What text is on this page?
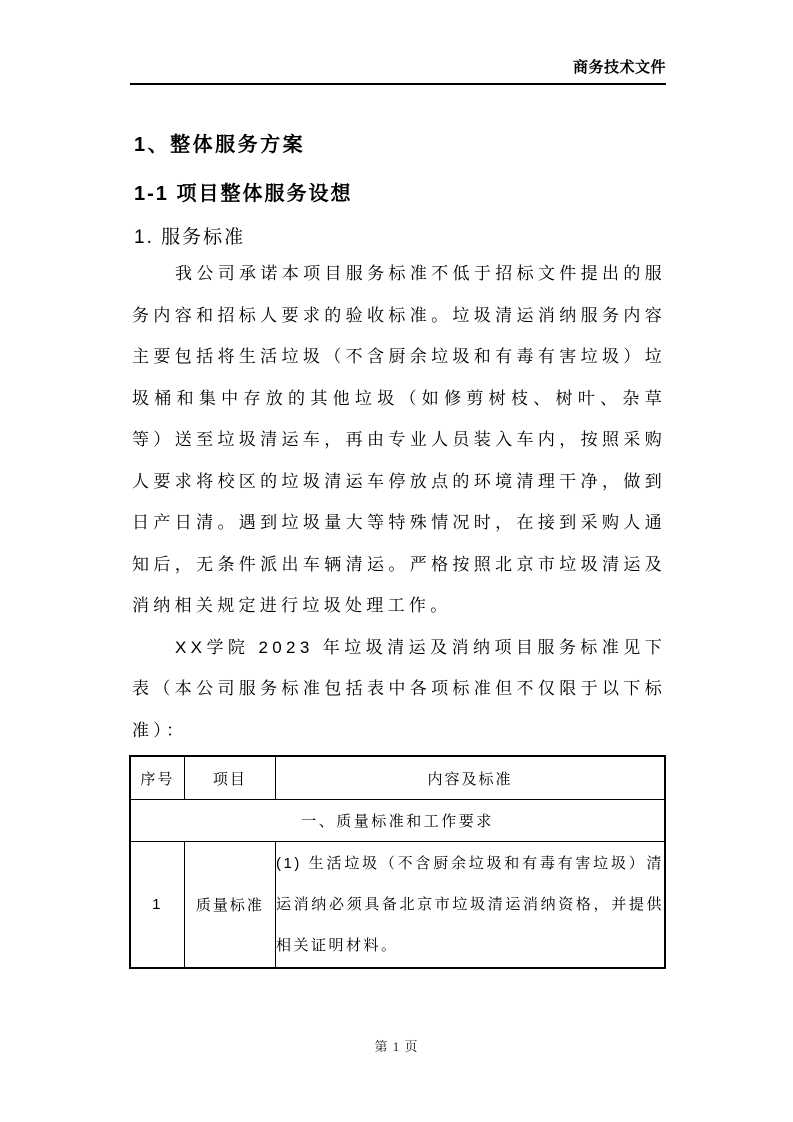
商务技术文件
1、整体服务方案
1-1 项目整体服务设想
1. 服务标准
我公司承诺本项目服务标准不低于招标文件提出的服务内容和招标人要求的验收标准。垃圾清运消纳服务内容主要包括将生活垃圾（不含厨余垃圾和有毒有害垃圾）垃圾桶和集中存放的其他垃圾（如修剪树枝、树叶、杂草等）送至垃圾清运车，再由专业人员装入车内，按照采购人要求将校区的垃圾清运车停放点的环境清理干净，做到日产日清。遇到垃圾量大等特殊情况时，在接到采购人通知后，无条件派出车辆清运。严格按照北京市垃圾清运及消纳相关规定进行垃圾处理工作。
XX学院 2023 年垃圾清运及消纳项目服务标准见下表（本公司服务标准包括表中各项标准但不仅限于以下标准）：
序号	项目	内容及标准
一、质量标准和工作要求		
1	质量标准	(1) 生活垃圾（不含厨余垃圾和有毒有害垃圾）清运消纳必须具备北京市垃圾清运消纳资格，并提供相关证明材料。
第 1 页
